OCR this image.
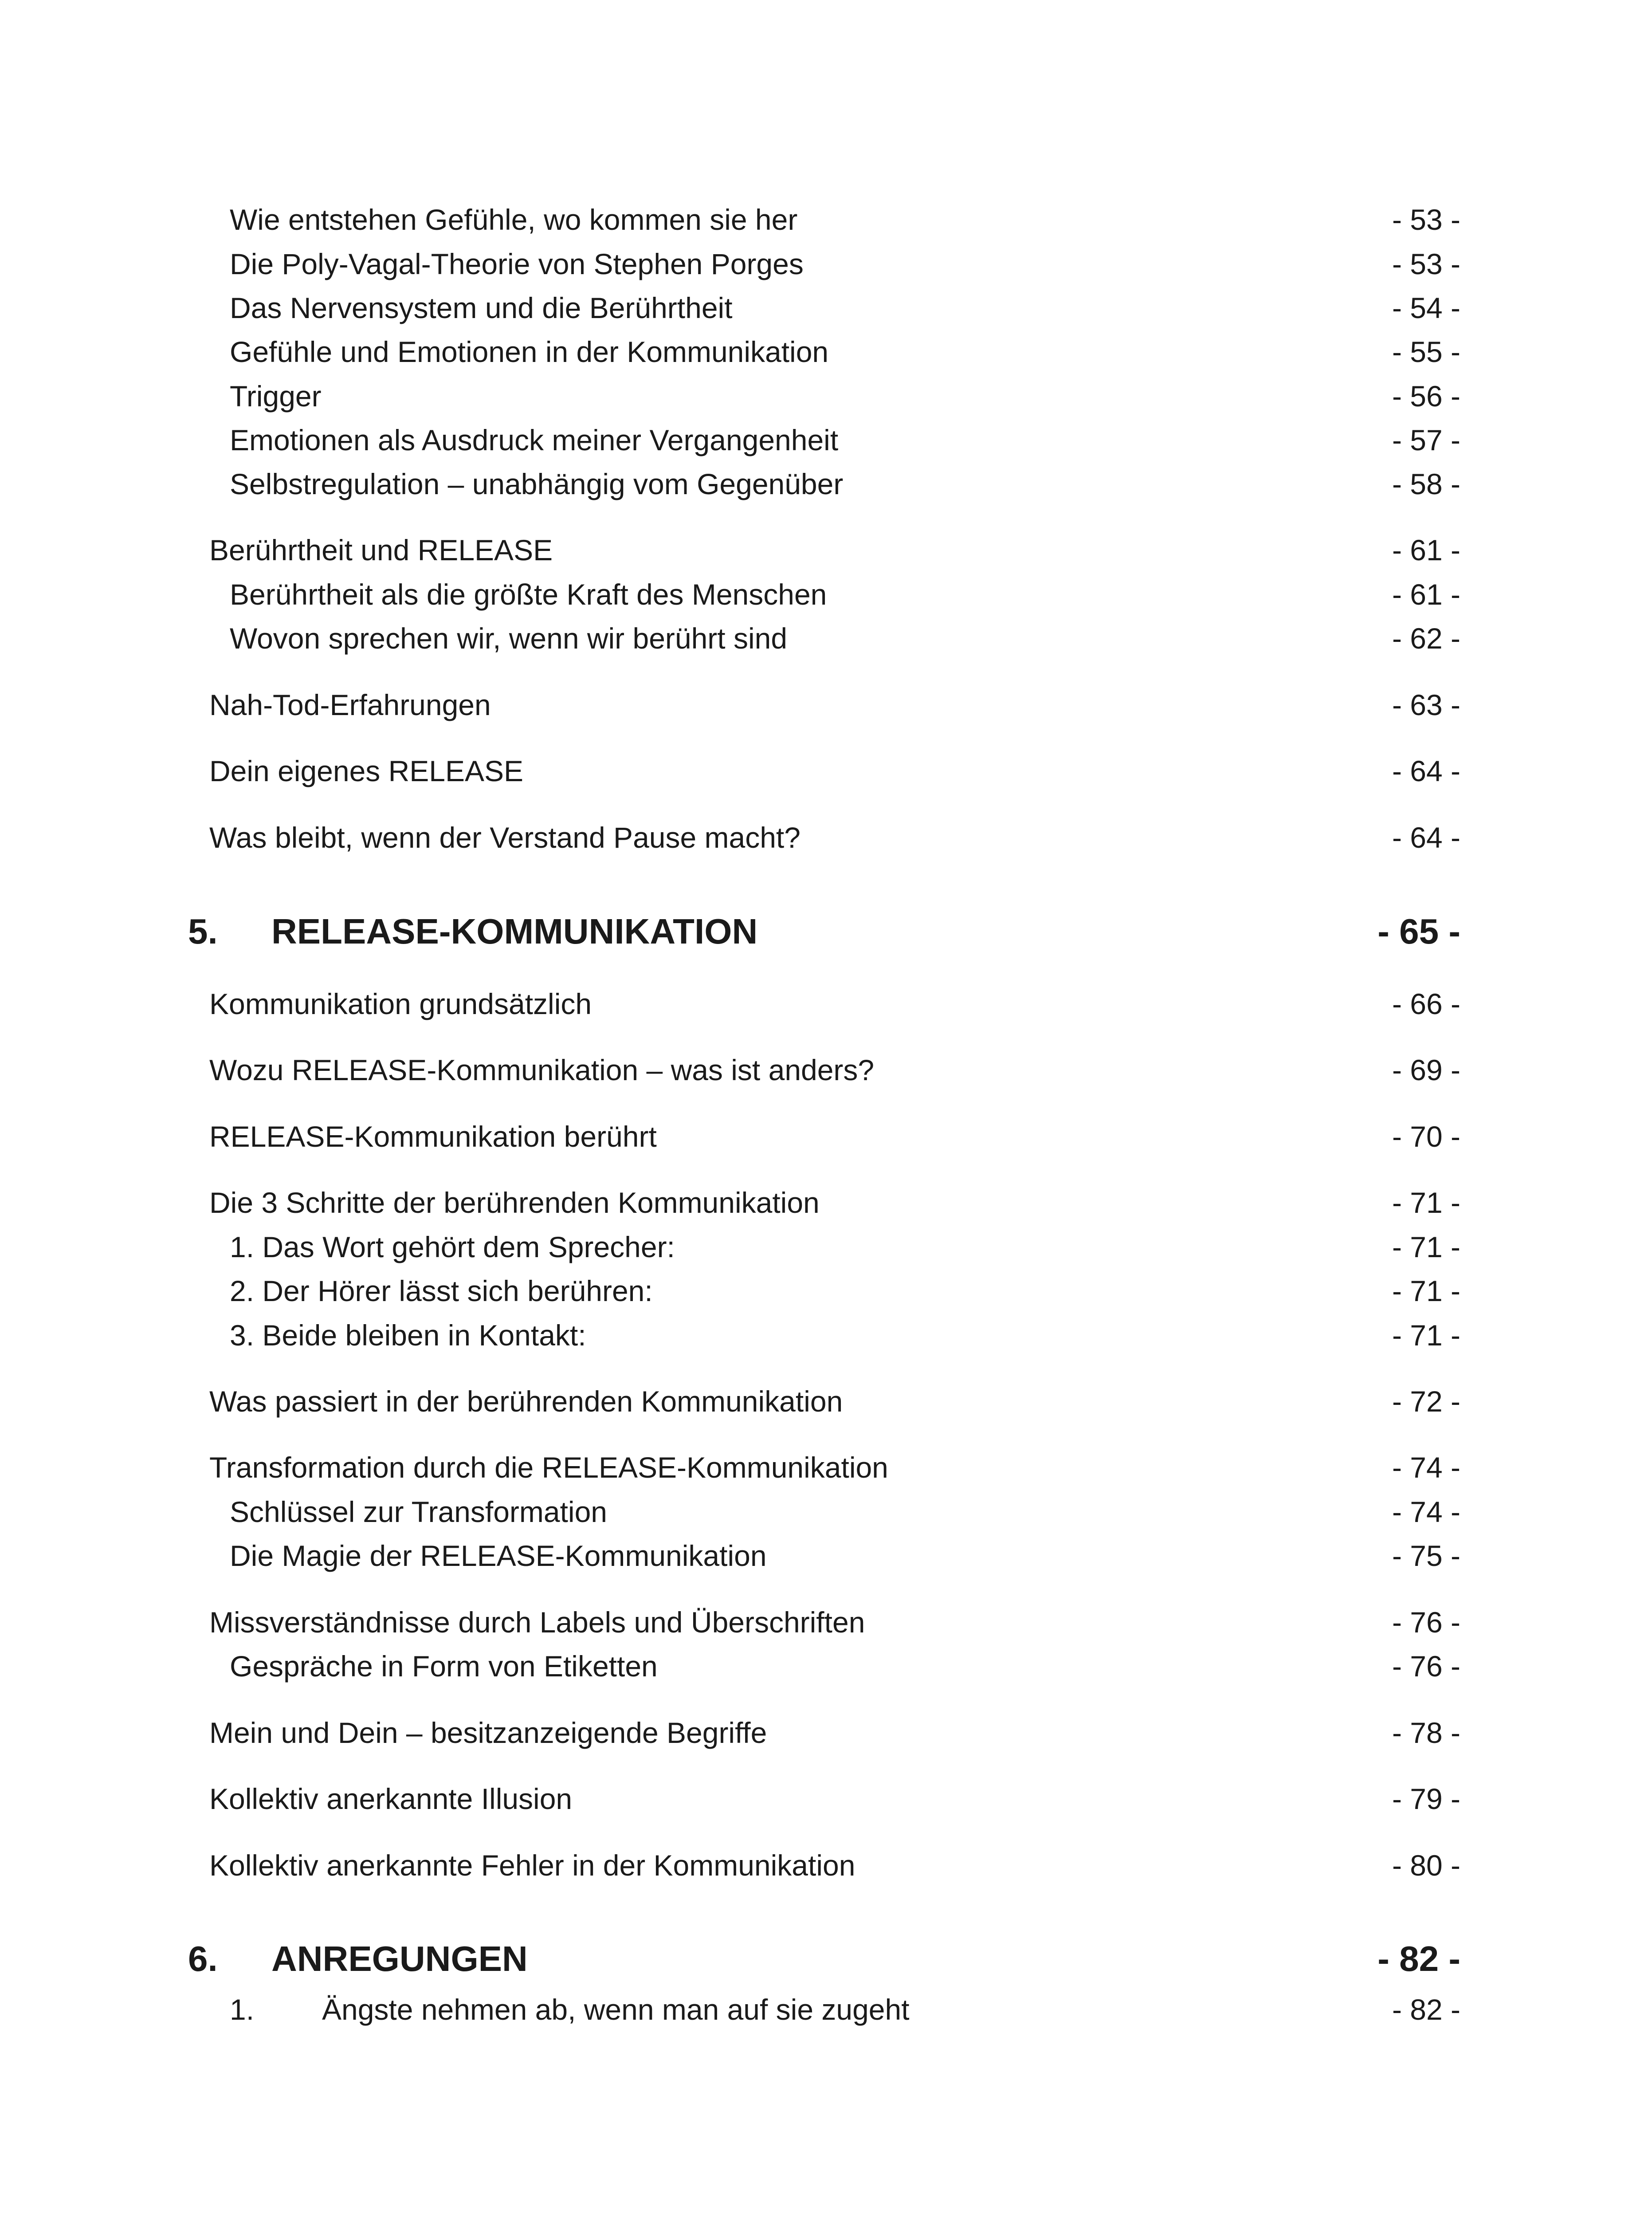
Wie entstehen Gefühle, wo kommen sie her	- 53 -
Die Poly-Vagal-Theorie von Stephen Porges	- 53 -
Das Nervensystem und die Berührtheit	- 54 -
Gefühle und Emotionen in der Kommunikation	- 55 -
Trigger	- 56 -
Emotionen als Ausdruck meiner Vergangenheit	- 57 -
Selbstregulation – unabhängig vom Gegenüber	- 58 -
Berührtheit und RELEASE	- 61 -
Berührtheit als die größte Kraft des Menschen	- 61 -
Wovon sprechen wir, wenn wir berührt sind	- 62 -
Nah-Tod-Erfahrungen	- 63 -
Dein eigenes RELEASE	- 64 -
Was bleibt, wenn der Verstand Pause macht?	- 64 -
5. RELEASE-KOMMUNIKATION	- 65 -
Kommunikation grundsätzlich	- 66 -
Wozu RELEASE-Kommunikation – was ist anders?	- 69 -
RELEASE-Kommunikation berührt	- 70 -
Die 3 Schritte der berührenden Kommunikation	- 71 -
1. Das Wort gehört dem Sprecher:	- 71 -
2. Der Hörer lässt sich berühren:	- 71 -
3. Beide bleiben in Kontakt:	- 71 -
Was passiert in der berührenden Kommunikation	- 72 -
Transformation durch die RELEASE-Kommunikation	- 74 -
Schlüssel zur Transformation	- 74 -
Die Magie der RELEASE-Kommunikation	- 75 -
Missverständnisse durch Labels und Überschriften	- 76 -
Gespräche in Form von Etiketten	- 76 -
Mein und Dein – besitzanzeigende Begriffe	- 78 -
Kollektiv anerkannte Illusion	- 79 -
Kollektiv anerkannte Fehler in der Kommunikation	- 80 -
6. ANREGUNGEN	- 82 -
1. Ängste nehmen ab, wenn man auf sie zugeht	- 82 -
